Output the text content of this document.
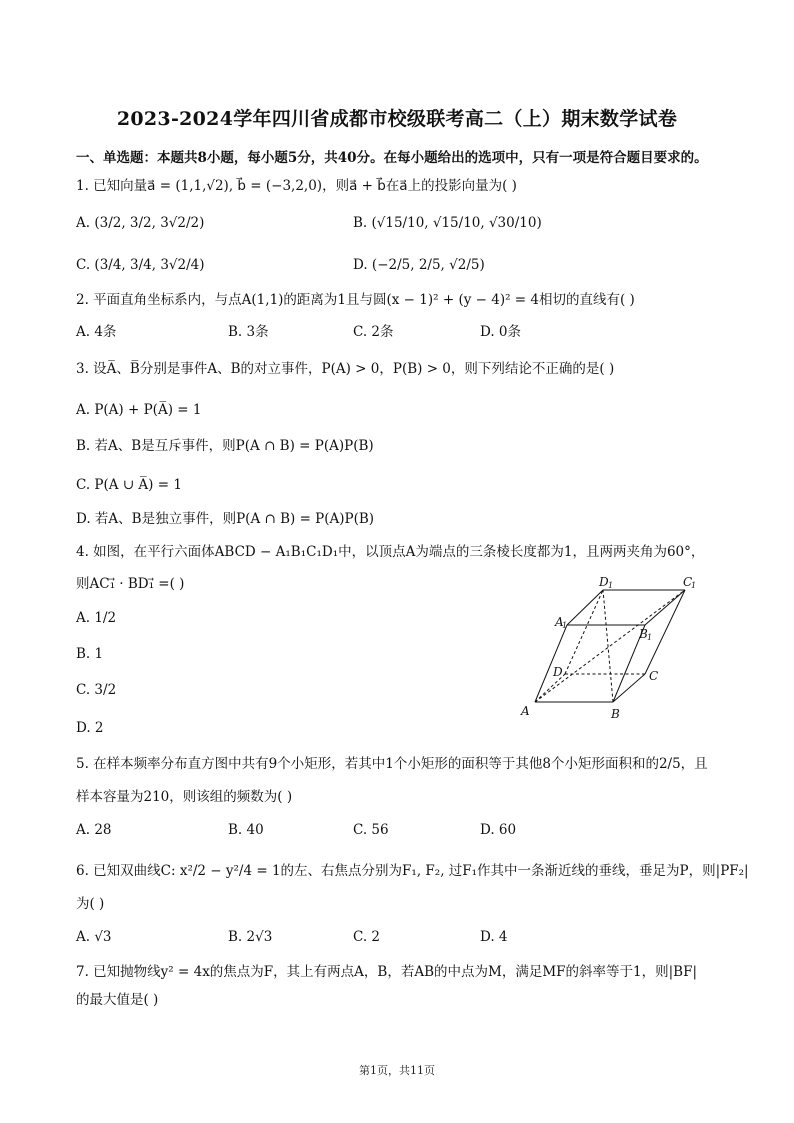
2023-2024学年四川省成都市校级联考高二（上）期末数学试卷
一、单选题：本题共8小题，每小题5分，共40分。在每小题给出的选项中，只有一项是符合题目要求的。
1. 已知向量a⃗ = (1,1,√2), b⃗ = (−3,2,0)，则a⃗ + b⃗在a⃗上的投影向量为( )
A. (3/2, 3/2, 3√2/2)	B. (√15/10, √15/10, √30/10)
C. (3/4, 3/4, 3√2/4)	D. (−2/5, 2/5, √2/5)
2. 平面直角坐标系内，与点A(1,1)的距离为1且与圆(x − 1)² + (y − 4)² = 4相切的直线有( )
A. 4条	B. 3条	C. 2条	D. 0条
3. 设A̅、B̅分别是事件A、B的对立事件，P(A) > 0，P(B) > 0，则下列结论不正确的是( )
A. P(A) + P(A̅) = 1
B. 若A、B是互斥事件，则P(A ∩ B) = P(A)P(B)
C. P(A ∪ A̅) = 1
D. 若A、B是独立事件，则P(A ∩ B) = P(A)P(B)
4. 如图，在平行六面体ABCD − A₁B₁C₁D₁中，以顶点A为端点的三条棱长度都为1，且两两夹角为60°，
则AC₁⃗ · BD₁⃗ =( )
A. 1/2
B. 1
C. 3/2
D. 2
A	B
C
D
A
1
B 1
D 1	C
1
5. 在样本频率分布直方图中共有9个小矩形，若其中1个小矩形的面积等于其他8个小矩形面积和的2/5，且
样本容量为210，则该组的频数为( )
A. 28	B. 40	C. 56	D. 60
6. 已知双曲线C: x²/2 − y²/4 = 1的左、右焦点分别为F₁, F₂, 过F₁作其中一条渐近线的垂线，垂足为P，则|PF₂|
为( )
A. √3	B. 2√3	C. 2	D. 4
7. 已知抛物线y² = 4x的焦点为F，其上有两点A，B，若AB的中点为M，满足MF的斜率等于1，则|BF|
的最大值是( )
第1页，共11页
